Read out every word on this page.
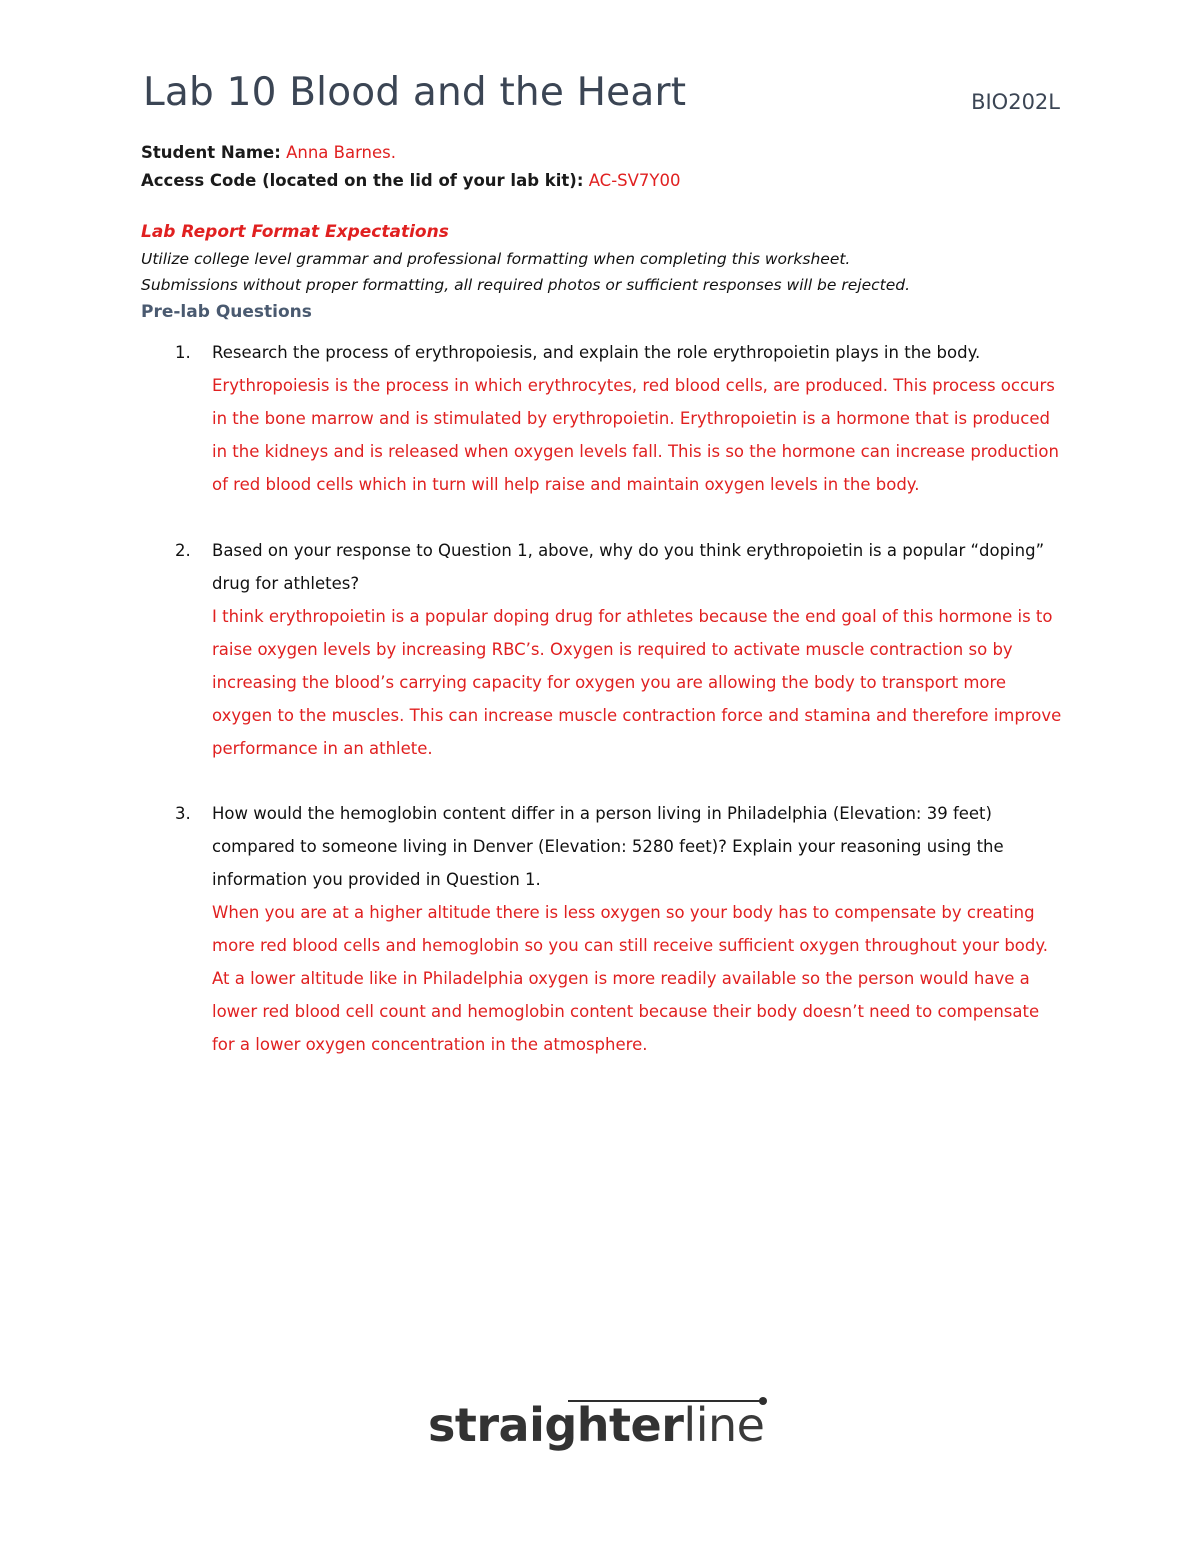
Lab 10 Blood and the Heart	BIO202L
Student Name: Anna Barnes.
Access Code (located on the lid of your lab kit): AC-SV7Y00
Lab Report Format Expectations
Utilize college level grammar and professional formatting when completing this worksheet.
Submissions without proper formatting, all required photos or sufficient responses will be rejected.
Pre-lab Questions
1. Research the process of erythropoiesis, and explain the role erythropoietin plays in the body.
Erythropoiesis is the process in which erythrocytes, red blood cells, are produced. This process occurs in the bone marrow and is stimulated by erythropoietin. Erythropoietin is a hormone that is produced in the kidneys and is released when oxygen levels fall. This is so the hormone can increase production of red blood cells which in turn will help raise and maintain oxygen levels in the body.
2. Based on your response to Question 1, above, why do you think erythropoietin is a popular “doping” drug for athletes?
I think erythropoietin is a popular doping drug for athletes because the end goal of this hormone is to raise oxygen levels by increasing RBC’s. Oxygen is required to activate muscle contraction so by increasing the blood’s carrying capacity for oxygen you are allowing the body to transport more oxygen to the muscles. This can increase muscle contraction force and stamina and therefore improve performance in an athlete.
3. How would the hemoglobin content differ in a person living in Philadelphia (Elevation: 39 feet) compared to someone living in Denver (Elevation: 5280 feet)? Explain your reasoning using the information you provided in Question 1.
When you are at a higher altitude there is less oxygen so your body has to compensate by creating more red blood cells and hemoglobin so you can still receive sufficient oxygen throughout your body. At a lower altitude like in Philadelphia oxygen is more readily available so the person would have a lower red blood cell count and hemoglobin content because their body doesn’t need to compensate for a lower oxygen concentration in the atmosphere.
straighterline
